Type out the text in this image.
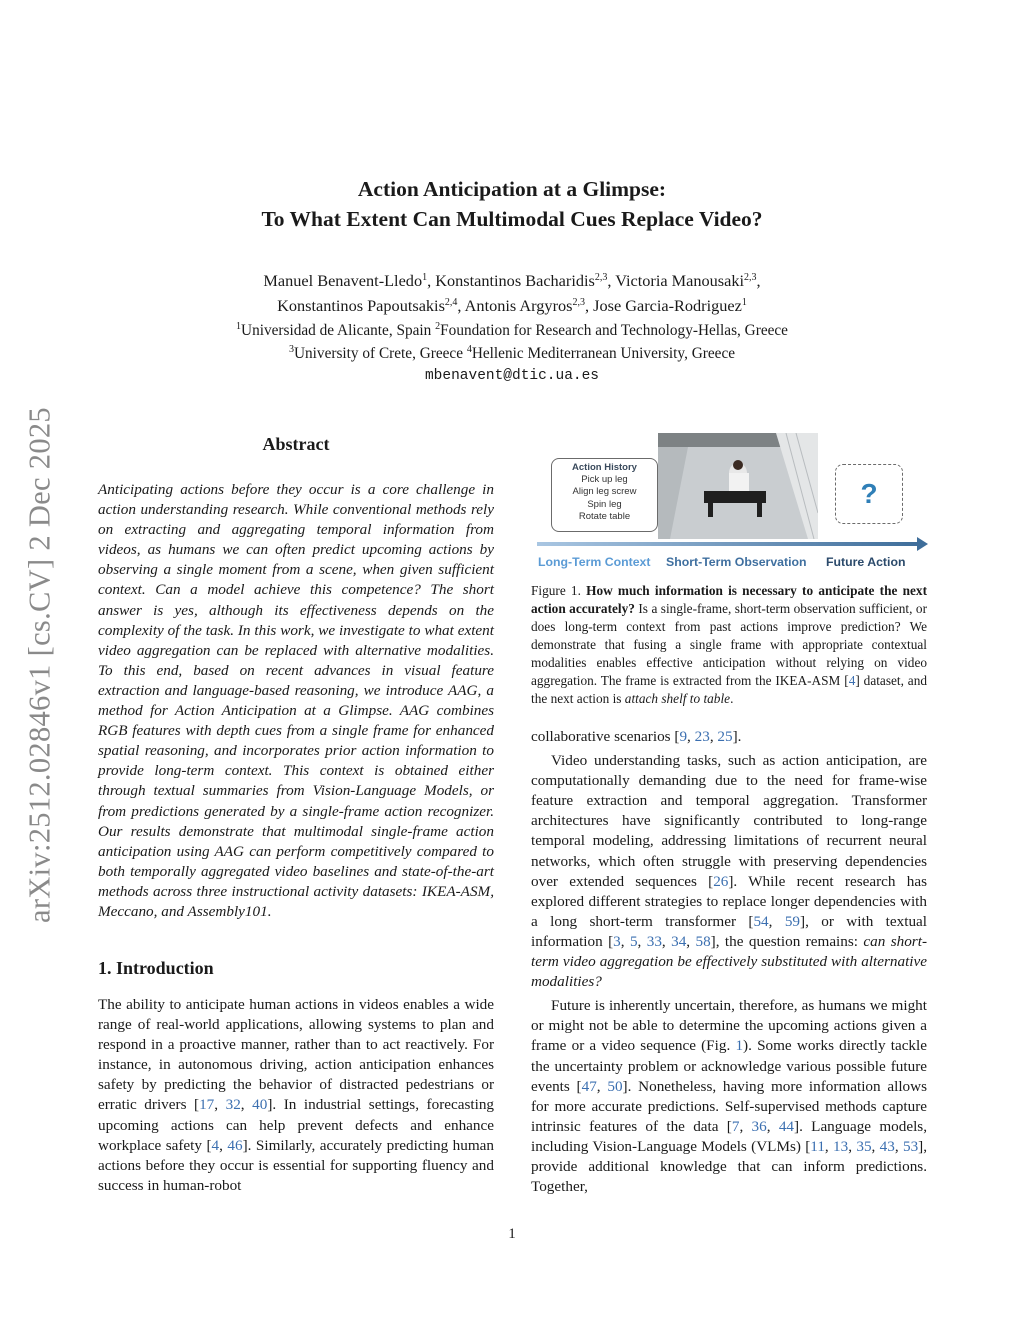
arXiv:2512.02846v1 [cs.CV] 2 Dec 2025
Action Anticipation at a Glimpse:
To What Extent Can Multimodal Cues Replace Video?
Manuel Benavent-Lledo$^1$, Konstantinos Bacharidis$^{2,3}$, Victoria Manousaki$^{2,3}$,
Konstantinos Papoutsakis$^{2,4}$, Antonis Argyros$^{2,3}$, Jose Garcia-Rodriguez$^1$
$^1$Universidad de Alicante, Spain $^2$Foundation for Research and Technology-Hellas, Greece
$^3$University of Crete, Greece $^4$Hellenic Mediterranean University, Greece
mbenavent@dtic.ua.es
Abstract
Anticipating actions before they occur is a core challenge in action understanding research. While conventional methods rely on extracting and aggregating temporal information from videos, as humans we can often predict upcoming actions by observing a single moment from a scene, when given sufficient context. Can a model achieve this competence? The short answer is yes, although its effectiveness depends on the complexity of the task. In this work, we investigate to what extent video aggregation can be replaced with alternative modalities. To this end, based on recent advances in visual feature extraction and language-based reasoning, we introduce AAG, a method for Action Anticipation at a Glimpse. AAG combines RGB features with depth cues from a single frame for enhanced spatial reasoning, and incorporates prior action information to provide long-term context. This context is obtained either through textual summaries from Vision-Language Models, or from predictions generated by a single-frame action recognizer. Our results demonstrate that multimodal single-frame action anticipation using AAG can perform competitively compared to both temporally aggregated video baselines and state-of-the-art methods across three instructional activity datasets: IKEA-ASM, Meccano, and Assembly101.
1. Introduction

The ability to anticipate human actions in videos enables a wide range of real-world applications, allowing systems to plan and respond in a proactive manner, rather than to act reactively. For instance, in autonomous driving, action anticipation enhances safety by predicting the behavior of distracted pedestrians or erratic drivers [17, 32, 40]. In industrial settings, forecasting upcoming actions can help prevent defects and enhance workplace safety [4, 46]. Similarly, accurately predicting human actions before they occur is essential for supporting fluency and success in human-robot

Action History
Pick up leg
Align leg screw
Spin leg
Rotate table
?
Long-Term Context Short-Term Observation Future Action
Figure 1. How much information is necessary to anticipate the next action accurately? Is a single-frame, short-term observation sufficient, or does long-term context from past actions improve prediction? We demonstrate that fusing a single frame with appropriate contextual modalities enables effective anticipation without relying on video aggregation. The frame is extracted from the IKEA-ASM [4] dataset, and the next action is attach shelf to table.

collaborative scenarios [9, 23, 25].

Video understanding tasks, such as action anticipation, are computationally demanding due to the need for frame-wise feature extraction and temporal aggregation. Transformer architectures have significantly contributed to long-range temporal modeling, addressing limitations of recurrent neural networks, which often struggle with preserving dependencies over extended sequences [26]. While recent research has explored different strategies to replace longer dependencies with a long short-term transformer [54, 59], or with textual information [3, 5, 33, 34, 58], the question remains: can short-term video aggregation be effectively substituted with alternative modalities?

Future is inherently uncertain, therefore, as humans we might or might not be able to determine the upcoming actions given a frame or a video sequence (Fig. 1). Some works directly tackle the uncertainty problem or acknowledge various possible future events [47, 50]. Nonetheless, having more information allows for more accurate predictions. Self-supervised methods capture intrinsic features of the data [7, 36, 44]. Language models, including Vision-Language Models (VLMs) [11, 13, 35, 43, 53], provide additional knowledge that can inform predictions. Together,

1
